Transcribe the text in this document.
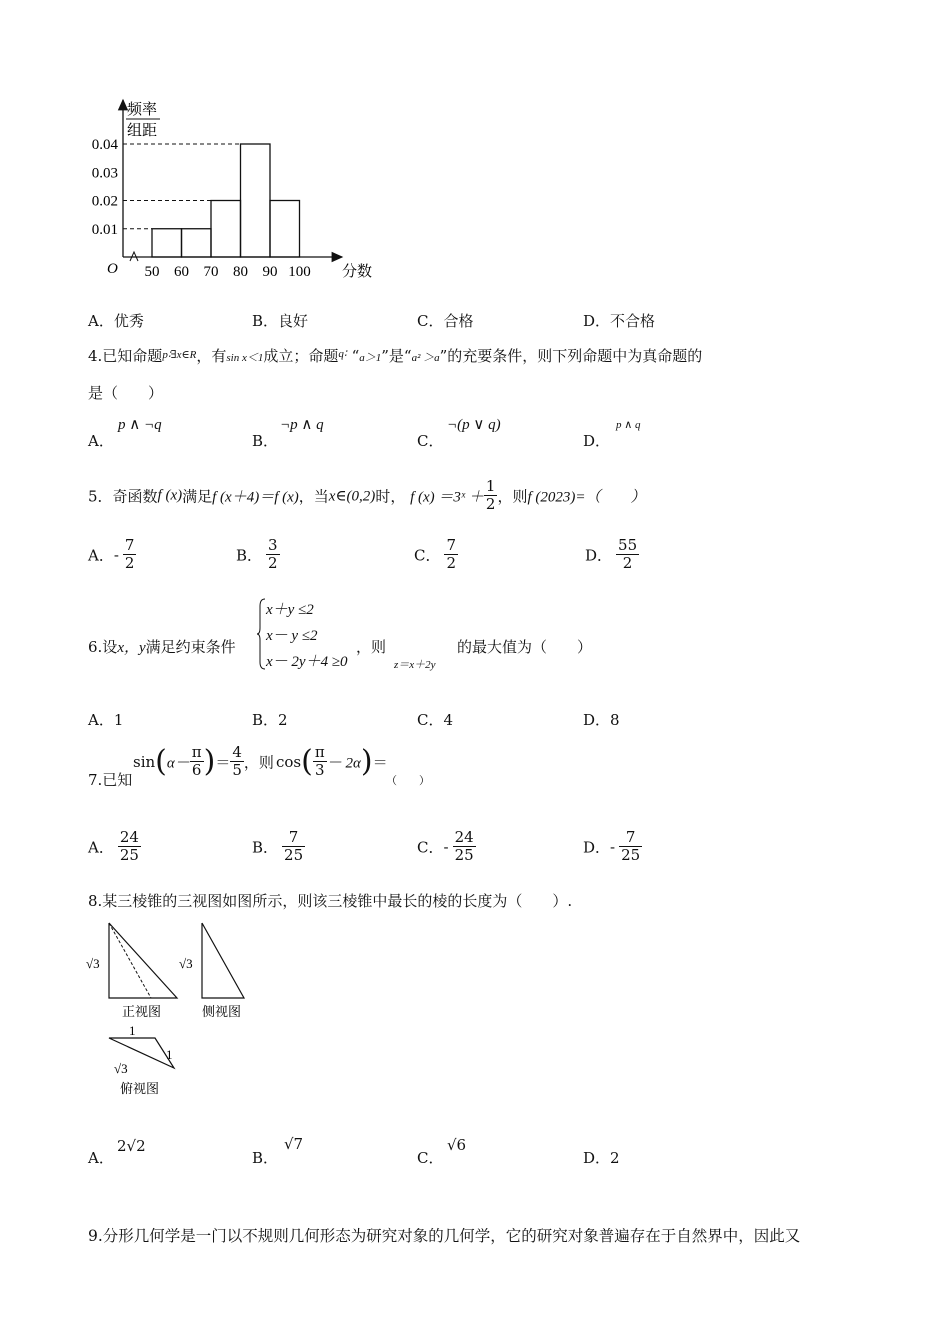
频率
组距
0.01
0.02
0.03
0.04
50 60 70 80 90 100
O	分数
A．优秀	B．良好	C．合格	D．不合格
4.已知命题$^{p∶\exists x\in R}$，有sin x＜1成立；命题$^{q∶}$ “a＞1”是“a² ＞a”的充要条件，则下列命题中为真命题的
是（　　）
A．
p ∧ ¬q
B．
¬p ∧ q
C．
¬(p ∨ q)
D．
p ∧ q
5．奇函数f (x)满足f (x＋4)＝f (x)，当x∈(0,2)时， f (x) ＝3ˣ ＋ $\frac{1}{2}$ ，则f (2023)=（　　）
A．- $\frac{7}{2}$	B． $\frac{3}{2}$	C． $\frac{7}{2}$	D． $\frac{55}{2}$
6.设x，y满足约束条件
x＋y ≤2
x－ y ≤2
x－ 2y＋4 ≥0
，则
z＝x＋2y
的最大值为（　　）
A．1	B．2	C．4	D．8
7.已知
$\sin(\alpha- \frac{\pi}{6}$ )＝ $\frac{4}{5}$ ，则 $\cos( \frac{\pi}{3} - 2\alpha)=$
（　　）
A． $\frac{24}{25}$	B． $\frac{7}{25}$	C．- $\frac{24}{25}$	D．- $\frac{7}{25}$
8.某三棱锥的三视图如图所示，则该三棱锥中最长的棱的长度为（　　）.
√3
正视图
√3
侧视图
1
1
√3
俯视图
A．
2√2
B．
√7
C．
√6
D．2
9.分形几何学是一门以不规则几何形态为研究对象的几何学，它的研究对象普遍存在于自然界中，因此又
